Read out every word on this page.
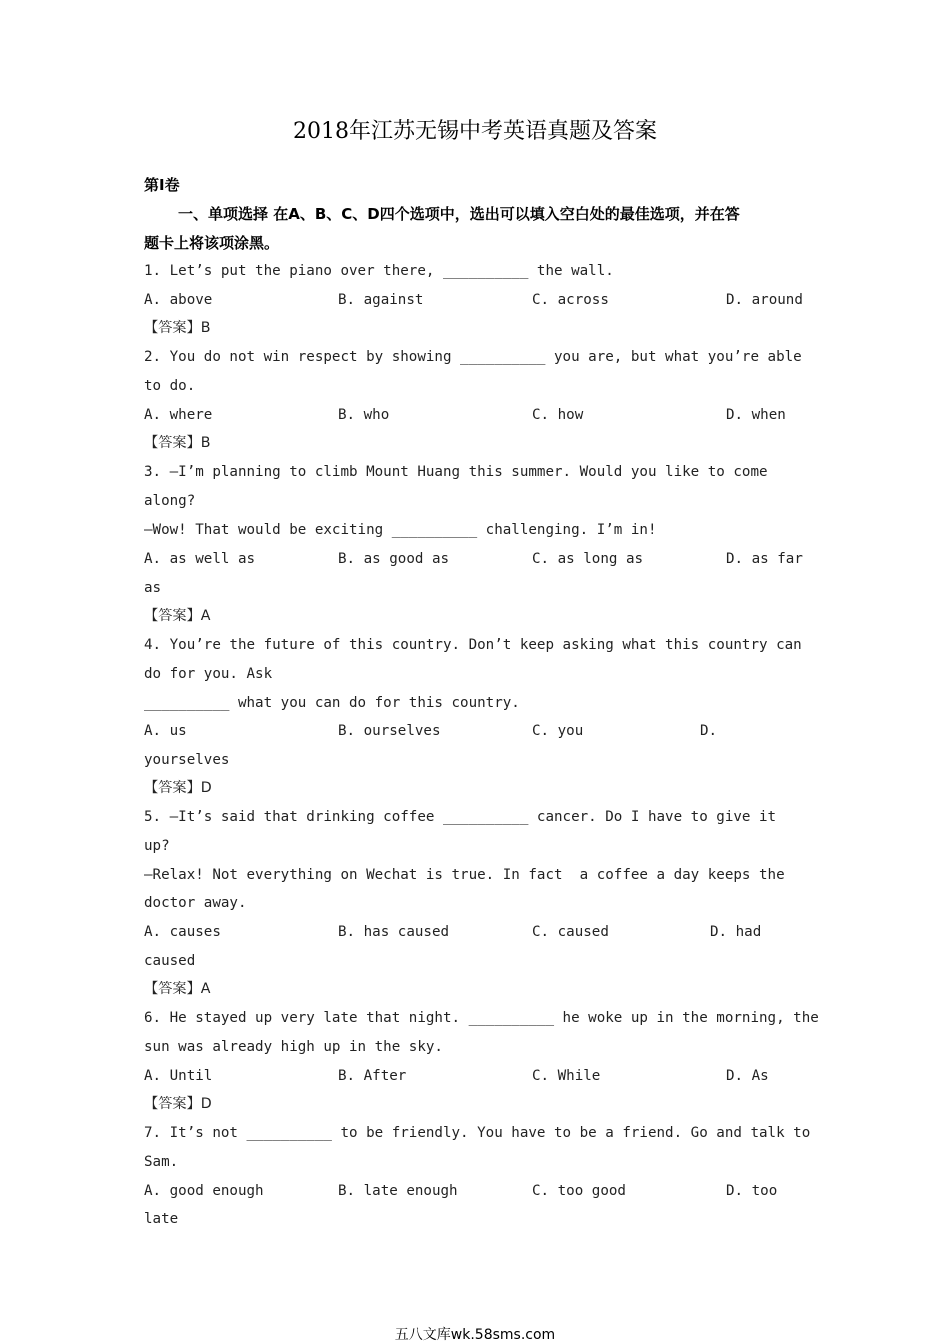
2018年江苏无锡中考英语真题及答案
第I卷
一、单项选择 在A、B、C、D四个选项中，选出可以填入空白处的最佳选项，并在答
题卡上将该项涂黑。
1. Let’s put the piano over there, __________ the wall.
A. above	B. against	C. across	D. around
【答案】B
2. You do not win respect by showing __________ you are, but what you’re able
to do.
A. where	B. who	C. how	D. when
【答案】B
3. —I’m planning to climb Mount Huang this summer. Would you like to come
along?
—Wow! That would be exciting __________ challenging. I’m in!
A. as well as	B. as good as	C. as long as	D. as far
as
【答案】A
4. You’re the future of this country. Don’t keep asking what this country can
do for you. Ask
__________ what you can do for this country.
A. us	B. ourselves	C. you	D.
yourselves
【答案】D
5. —It’s said that drinking coffee __________ cancer. Do I have to give it
up?
—Relax! Not everything on Wechat is true. In fact  a coffee a day keeps the
doctor away.
A. causes	B. has caused	C. caused	D. had
caused
【答案】A
6. He stayed up very late that night. __________ he woke up in the morning, the
sun was already high up in the sky.
A. Until	B. After	C. While	D. As
【答案】D
7. It’s not __________ to be friendly. You have to be a friend. Go and talk to
Sam.
A. good enough	B. late enough	C. too good	D. too
late
五八文库wk.58sms.com
